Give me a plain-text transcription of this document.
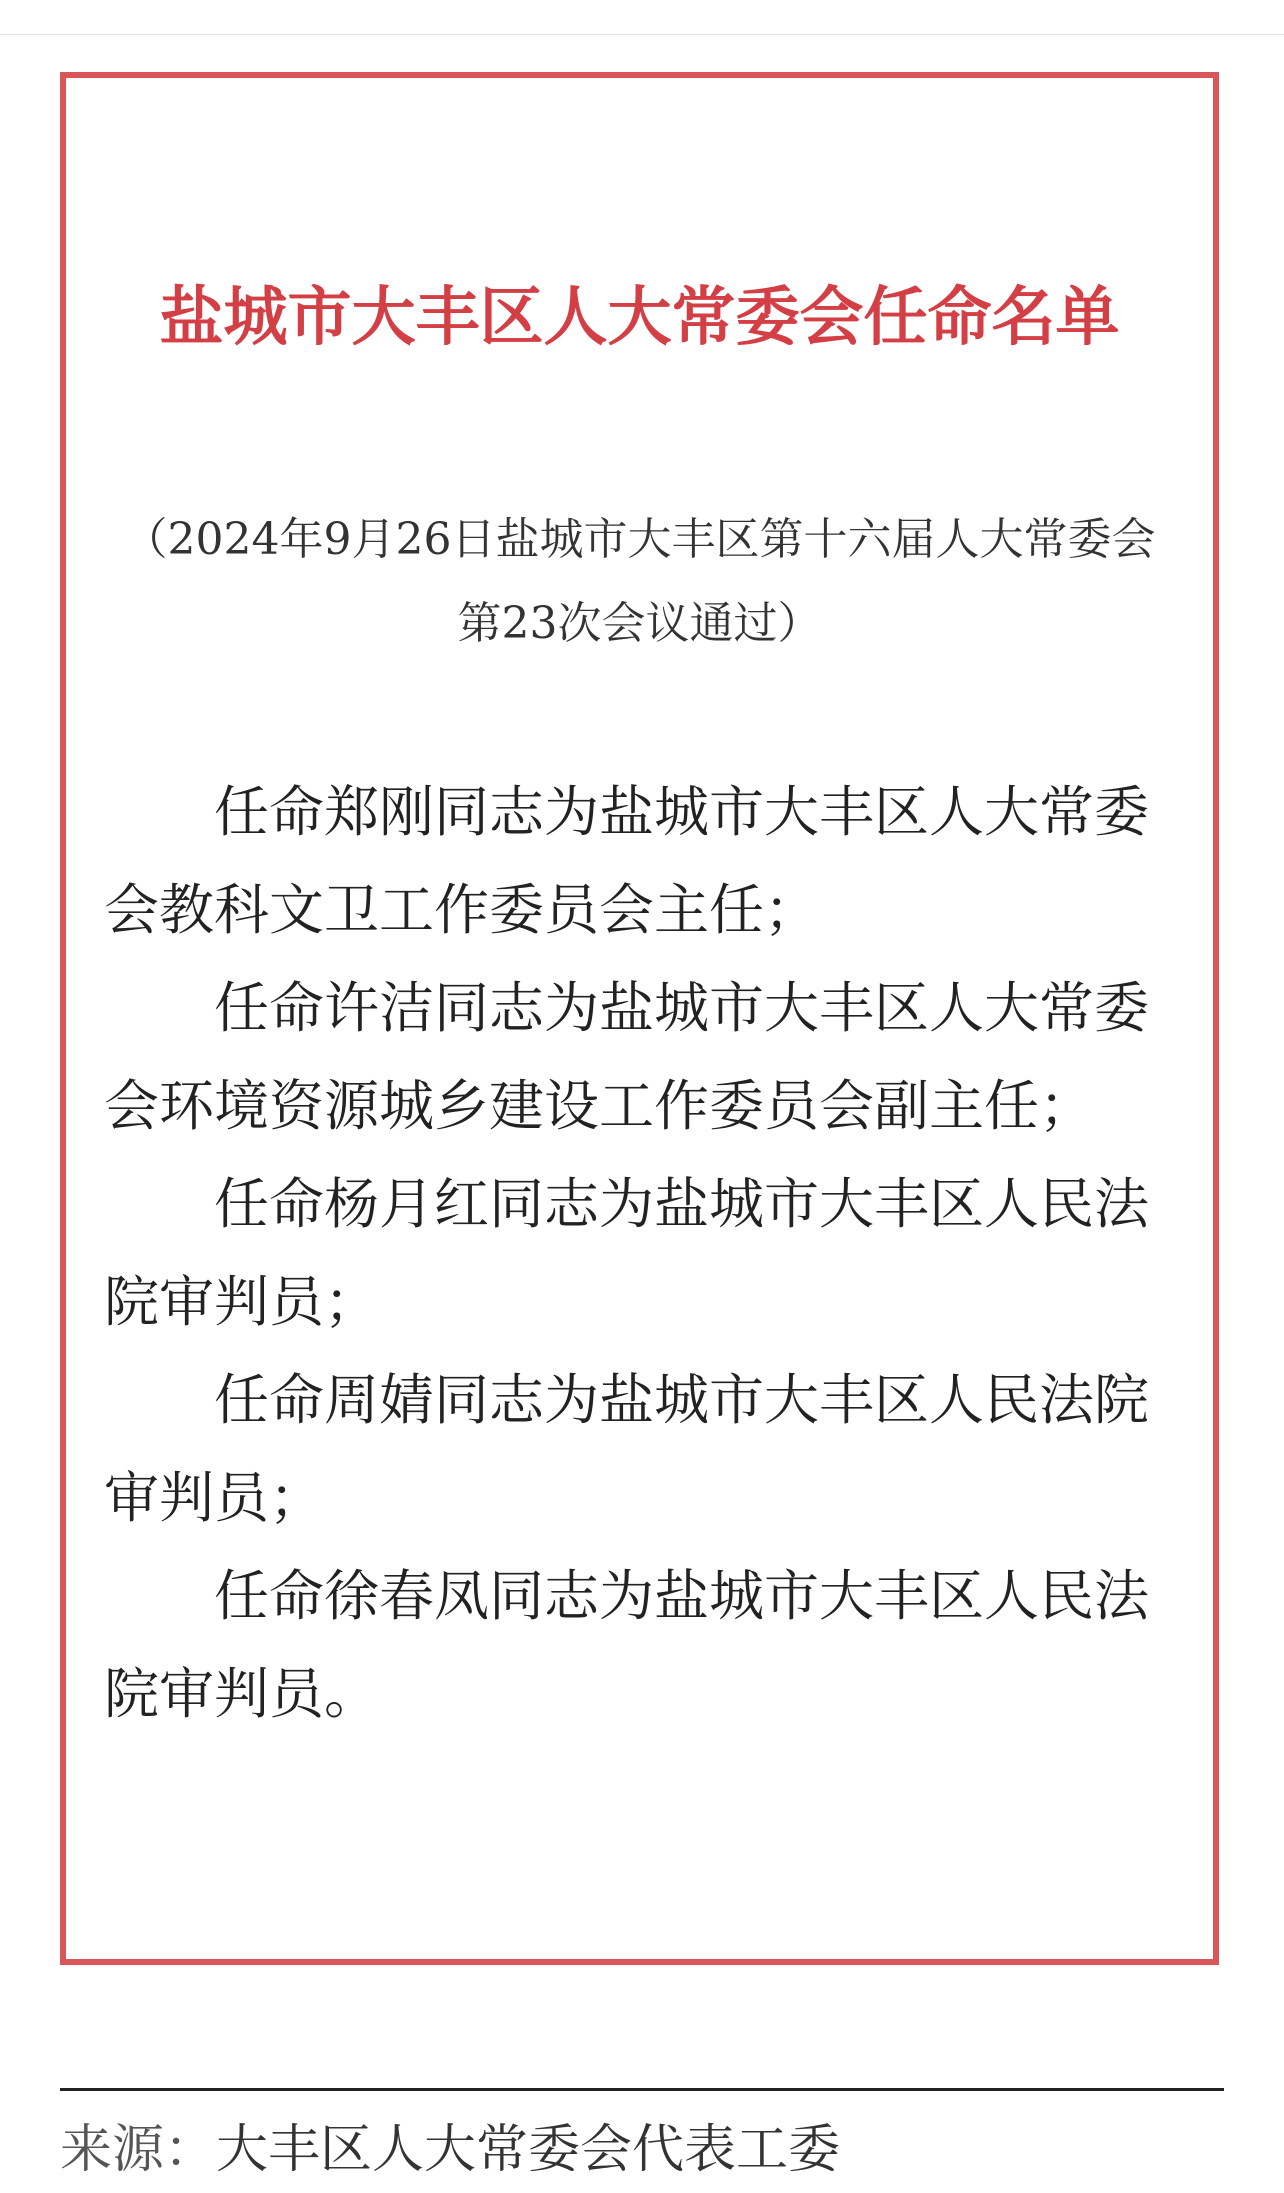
盐城市大丰区人大常委会任命名单

（2024年9月26日盐城市大丰区第十六届人大常委会第23次会议通过）

任命郑刚同志为盐城市大丰区人大常委会教科文卫工作委员会主任；

任命许洁同志为盐城市大丰区人大常委会环境资源城乡建设工作委员会副主任；

任命杨月红同志为盐城市大丰区人民法院审判员；

任命周婧同志为盐城市大丰区人民法院审判员；

任命徐春凤同志为盐城市大丰区人民法院审判员。

来源：大丰区人大常委会代表工委
